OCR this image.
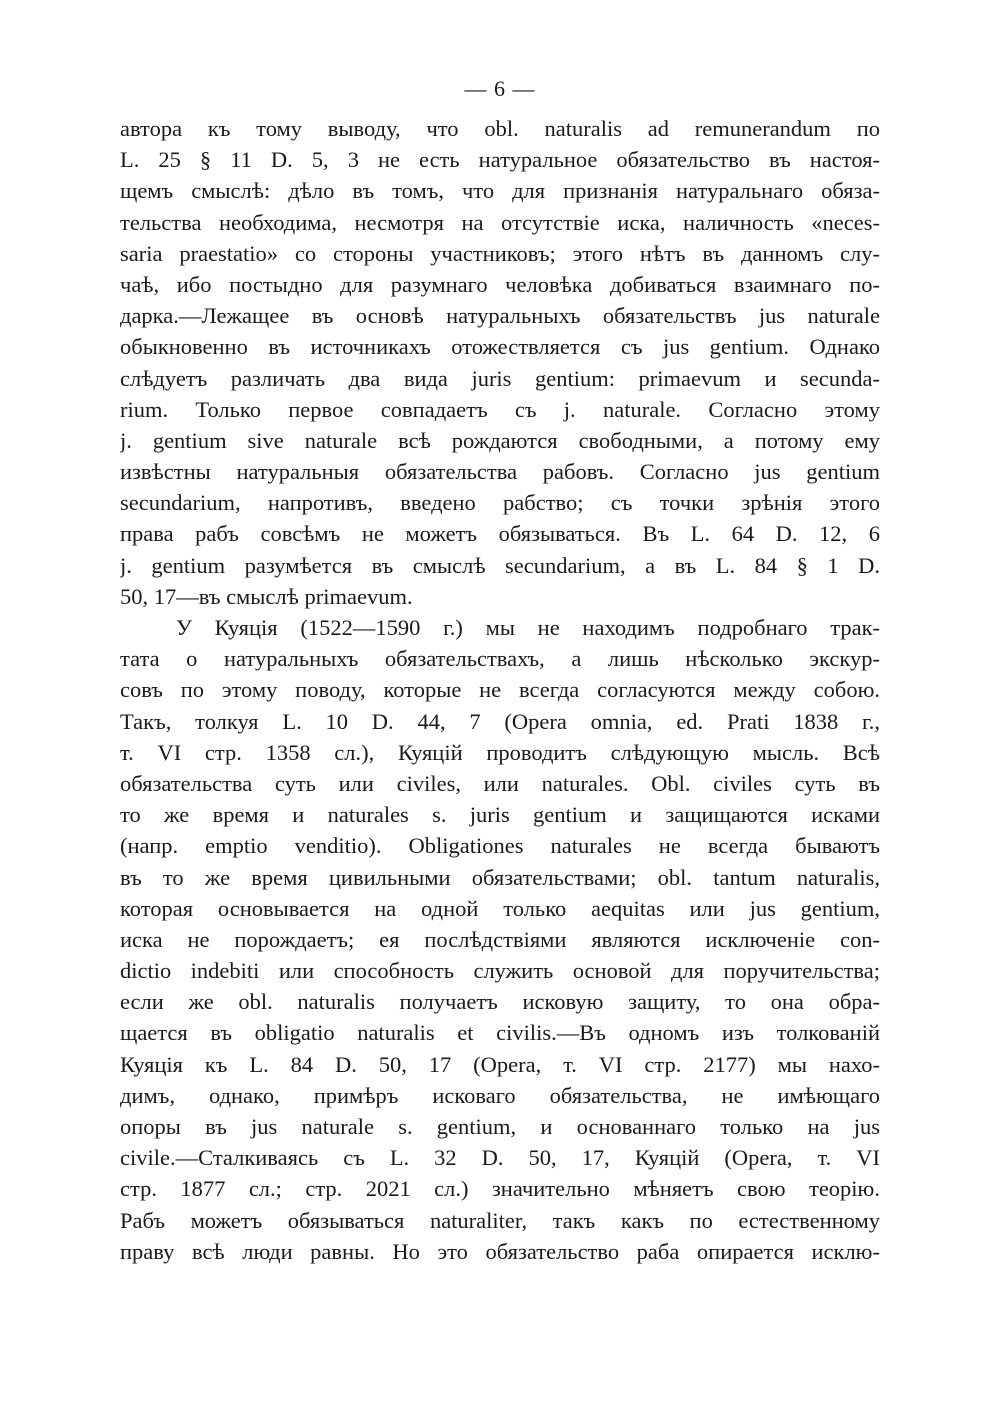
— 6 —
автора къ тому выводу, что obl. naturalis ad remunerandum по
L. 25 § 11 D. 5, 3 не есть натуральное обязательство въ настоя-
щемъ смыслѣ: дѣло въ томъ, что для признанія натуральнаго обяза-
тельства необходима, несмотря на отсутствіе иска, наличность «neces-
saria praestatio» со стороны участниковъ; этого нѣтъ въ данномъ слу-
чаѣ, ибо постыдно для разумнаго человѣка добиваться взаимнаго по-
дарка.—Лежащее въ основѣ натуральныхъ обязательствъ jus naturale
обыкновенно въ источникахъ отожествляется съ jus gentium. Однако
слѣдуетъ различать два вида juris gentium: primaevum и secunda-
rium. Только первое совпадаетъ съ j. naturale. Согласно этому
j. gentium sive naturale всѣ рождаются свободными, а потому ему
извѣстны натуральныя обязательства рабовъ. Согласно jus gentium
secundarium, напротивъ, введено рабство; съ точки зрѣнія этого
права рабъ совсѣмъ не можетъ обязываться. Въ L. 64 D. 12, 6
j. gentium разумѣется въ смыслѣ secundarium, а въ L. 84 § 1 D.
50, 17—въ смыслѣ primaevum.
У Куяція (1522—1590 г.) мы не находимъ подробнаго трак-
тата о натуральныхъ обязательствахъ, а лишь нѣсколько экскур-
совъ по этому поводу, которые не всегда согласуются между собою.
Такъ, толкуя L. 10 D. 44, 7 (Opera omnia, ed. Prati 1838 г.,
т. VI стр. 1358 сл.), Куяцій проводитъ слѣдующую мысль. Всѣ
обязательства суть или civiles, или naturales. Obl. civiles суть въ
то же время и naturales s. juris gentium и защищаются исками
(напр. emptio venditio). Obligationes naturales не всегда бываютъ
въ то же время цивильными обязательствами; obl. tantum naturalis,
которая основывается на одной только aequitas или jus gentium,
иска не порождаетъ; ея послѣдствіями являются исключеніе con-
dictio indebiti или способность служить основой для поручительства;
если же obl. naturalis получаетъ исковую защиту, то она обра-
щается въ obligatio naturalis et civilis.—Въ одномъ изъ толкованій
Куяція къ L. 84 D. 50, 17 (Opera, т. VI стр. 2177) мы нахо-
димъ, однако, примѣръ исковаго обязательства, не имѣющаго
опоры въ jus naturale s. gentium, и основаннаго только на jus
civile.—Сталкиваясь съ L. 32 D. 50, 17, Куяцій (Opera, т. VI
стр. 1877 сл.; стр. 2021 сл.) значительно мѣняетъ свою теорію.
Рабъ можетъ обязываться naturaliter, такъ какъ по естественному
праву всѣ люди равны. Но это обязательство раба опирается исклю-
